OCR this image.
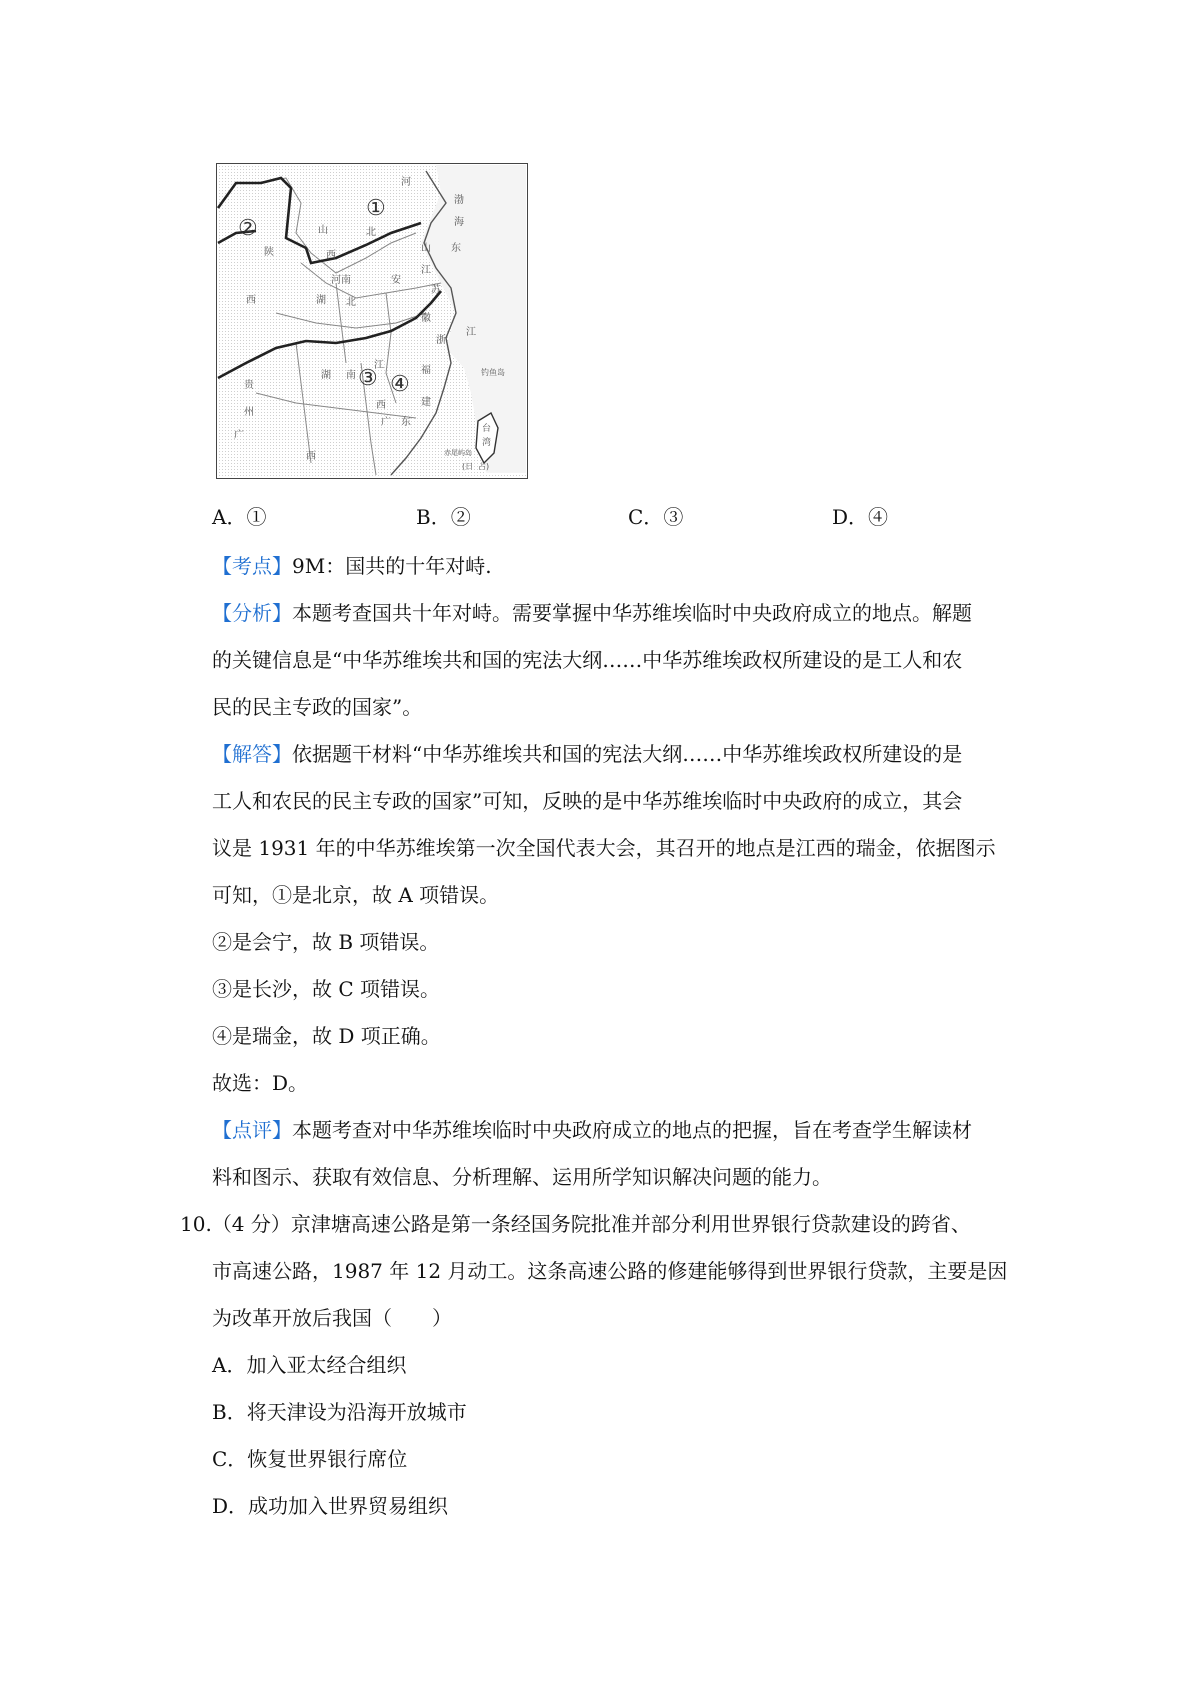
①
②
③ ④
河
渤
海
山	北
陕	西
山 东
河南	安
江
苏
西	湖 北
徽
浙
江
贵
湖 南
江	福
州
西	建
广
西
广 东
钓鱼岛
台
湾
赤尾屿岛
(日 占)
A．①	B．②	C．③	D．④
【考点】9M：国共的十年对峙.
【分析】本题考查国共十年对峙。需要掌握中华苏维埃临时中央政府成立的地点。解题
的关键信息是“中华苏维埃共和国的宪法大纲……中华苏维埃政权所建设的是工人和农
民的民主专政的国家”。
【解答】依据题干材料“中华苏维埃共和国的宪法大纲……中华苏维埃政权所建设的是
工人和农民的民主专政的国家”可知，反映的是中华苏维埃临时中央政府的成立，其会
议是 1931 年的中华苏维埃第一次全国代表大会，其召开的地点是江西的瑞金，依据图示
可知，①是北京，故 A 项错误。
②是会宁，故 B 项错误。
③是长沙，故 C 项错误。
④是瑞金，故 D 项正确。
故选：D。
【点评】本题考查对中华苏维埃临时中央政府成立的地点的把握，旨在考查学生解读材
料和图示、获取有效信息、分析理解、运用所学知识解决问题的能力。
10.（4 分）京津塘高速公路是第一条经国务院批准并部分利用世界银行贷款建设的跨省、
市高速公路，1987 年 12 月动工。这条高速公路的修建能够得到世界银行贷款，主要是因
为改革开放后我国（　　）
A．加入亚太经合组织
B．将天津设为沿海开放城市
C．恢复世界银行席位
D．成功加入世界贸易组织
